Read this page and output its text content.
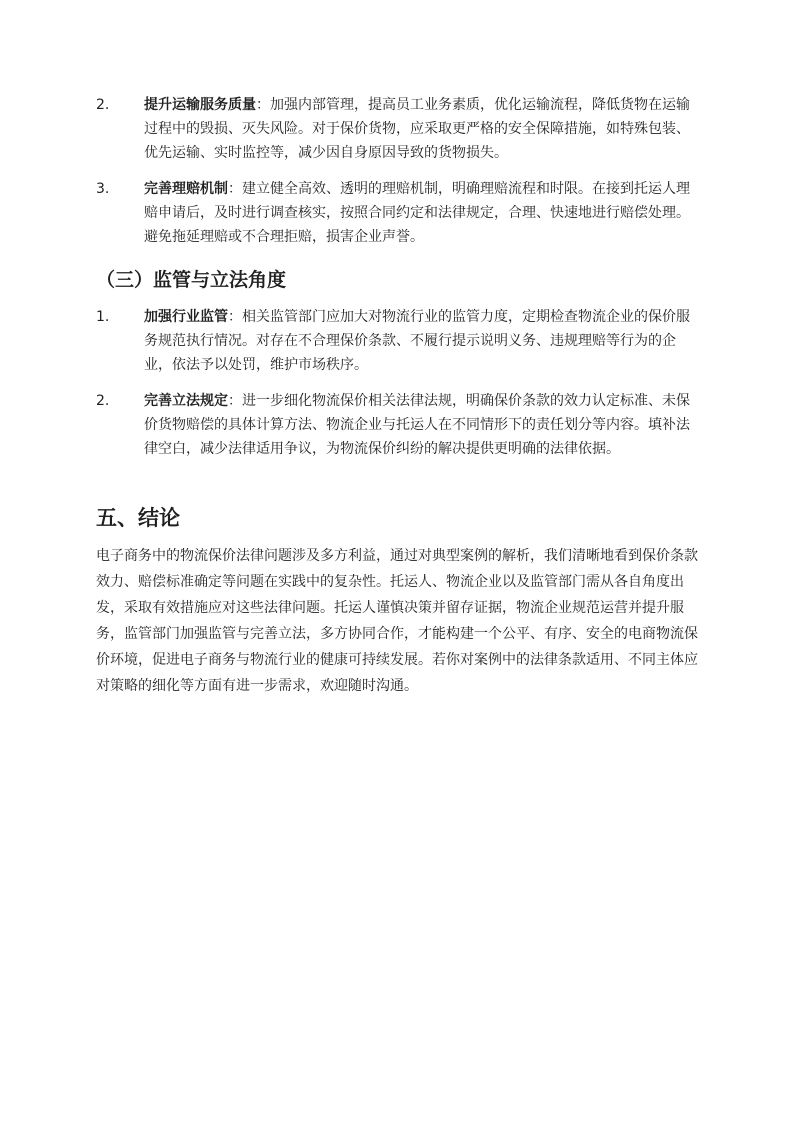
2. 提升运输服务质量：加强内部管理，提高员工业务素质，优化运输流程，降低货物在运输过程中的毁损、灭失风险。对于保价货物，应采取更严格的安全保障措施，如特殊包装、优先运输、实时监控等，减少因自身原因导致的货物损失。
3. 完善理赔机制：建立健全高效、透明的理赔机制，明确理赔流程和时限。在接到托运人理赔申请后，及时进行调查核实，按照合同约定和法律规定，合理、快速地进行赔偿处理。避免拖延理赔或不合理拒赔，损害企业声誉。
（三）监管与立法角度
1. 加强行业监管：相关监管部门应加大对物流行业的监管力度，定期检查物流企业的保价服务规范执行情况。对存在不合理保价条款、不履行提示说明义务、违规理赔等行为的企业，依法予以处罚，维护市场秩序。
2. 完善立法规定：进一步细化物流保价相关法律法规，明确保价条款的效力认定标准、未保价货物赔偿的具体计算方法、物流企业与托运人在不同情形下的责任划分等内容。填补法律空白，减少法律适用争议，为物流保价纠纷的解决提供更明确的法律依据。
五、结论
电子商务中的物流保价法律问题涉及多方利益，通过对典型案例的解析，我们清晰地看到保价条款效力、赔偿标准确定等问题在实践中的复杂性。托运人、物流企业以及监管部门需从各自角度出发，采取有效措施应对这些法律问题。托运人谨慎决策并留存证据，物流企业规范运营并提升服务，监管部门加强监管与完善立法，多方协同合作，才能构建一个公平、有序、安全的电商物流保价环境，促进电子商务与物流行业的健康可持续发展。若你对案例中的法律条款适用、不同主体应对策略的细化等方面有进一步需求，欢迎随时沟通。
